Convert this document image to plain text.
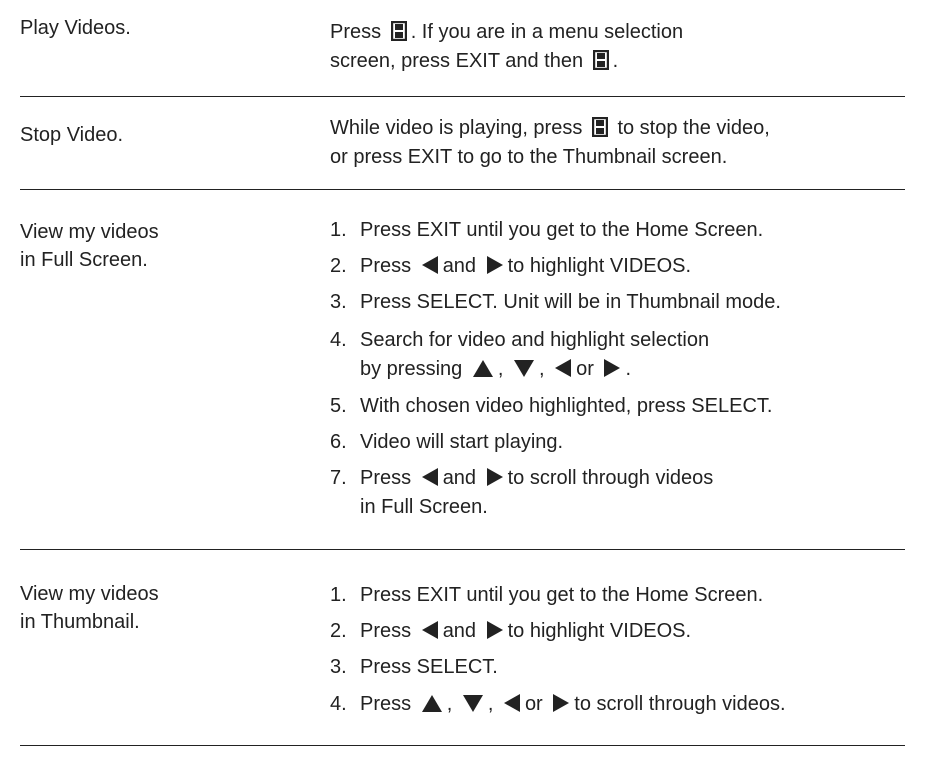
Play Videos.	Press
. If you are in a menu selection
screen, press EXIT and then
.
Stop Video.	While video is playing, press
to stop the video,
or press EXIT to go to the Thumbnail screen.
View my videos
in Full Screen.
1. Press EXIT until you get to the Home Screen.
2. Press
and
to highlight VIDEOS.
3. Press SELECT. Unit will be in Thumbnail mode.
4. Search for video and highlight selection
by pressing
,
,
or
.
5. With chosen video highlighted, press SELECT.
6. Video will start playing.
7. Press
and
to scroll through videos
in Full Screen.
View my videos
in Thumbnail.
1. Press EXIT until you get to the Home Screen.
2. Press
and
to highlight VIDEOS.
3. Press SELECT.
4. Press
,
,
or
to scroll through videos.
